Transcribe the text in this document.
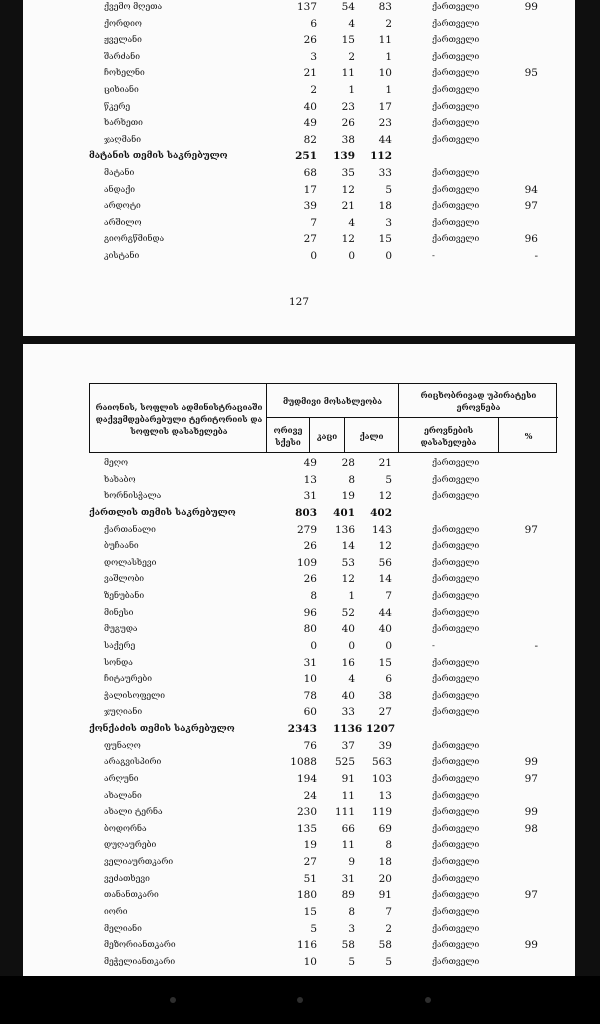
ქვემო მღეთა	137	54	83	ქართველი	99
ქორდიო	6	4	2	ქართველი
ჟველანი	26	15	11	ქართველი
შარძანი	3	2	1	ქართველი
ჩოხელნი	21	11	10	ქართველი	95
ციხიანი	2	1	1	ქართველი
წკერე	40	23	17	ქართველი
ხარხეთი	49	26	23	ქართველი
ჯაღმანი	82	38	44	ქართველი
მატანის თემის საკრებულო	251 139	112
მატანი	68	35	33	ქართველი
ანდაქი	17	12	5	ქართველი	94
არდოტი	39	21	18	ქართველი	97
არშილო	7	4	3	ქართველი
გიორგწმინდა	27	12	15	ქართველი	96
კისტანი	0	0	0	-	-
127
რაიონის, სოფლის ადმინისტრაციაში დაქვემდებარებული ტერიტორიის და სოფლის დასახელება
მუდმივი მოსახლეობა
რიცხობრივად უპირატესი ეროვნება
ორივე სქესი
კაცი	ქალი
ეროვნების დასახელება
%
მეღო	49	28	21	ქართველი
ხახაბო	13	8	5	ქართველი
ხორნისჭალა	31	19	12	ქართველი
ქართლის თემის საკრებულო	803 401	402
ქართანალი	279 136	143	ქართველი	97
ბუჩაანი	26	14	12	ქართველი
დოლასხევი	109	53	56	ქართველი
ვაშლობი	26	12	14	ქართველი
ზენუბანი	8	1	7	ქართველი
მინესი	96	52	44	ქართველი
მუგუდა	80	40	40	ქართველი
საქერე	0	0	0	-	-
სონდა	31	16	15	ქართველი
ჩიტაურები	10	4	6	ქართველი
ჭალისოფელი	78	40	38	ქართველი
ჯუღიანი	60	33	27	ქართველი
ქონქაძის თემის საკრებულო	2343 1136 1207
ფუნაღო	76	37	39	ქართველი
არაგვისპირი	1088 525	563	ქართველი	99
არღუნი	194	91	103	ქართველი	97
ახალანი	24	11	13	ქართველი
ახალი ტერნა	230 111	119	ქართველი	99
ბოდორნა	135	66	69	ქართველი	98
დუღაურები	19	11	8	ქართველი
ველიაურთკარი	27	9	18	ქართველი
ვეძათხევი	51	31	20	ქართველი
თანანთკარი	180	89	91	ქართველი	97
იორი	15	8	7	ქართველი
მელიანი	5	3	2	ქართველი
მეზორიანთკარი	116	58	58	ქართველი	99
მეჭელიანთკარი	10	5	5	ქართველი
